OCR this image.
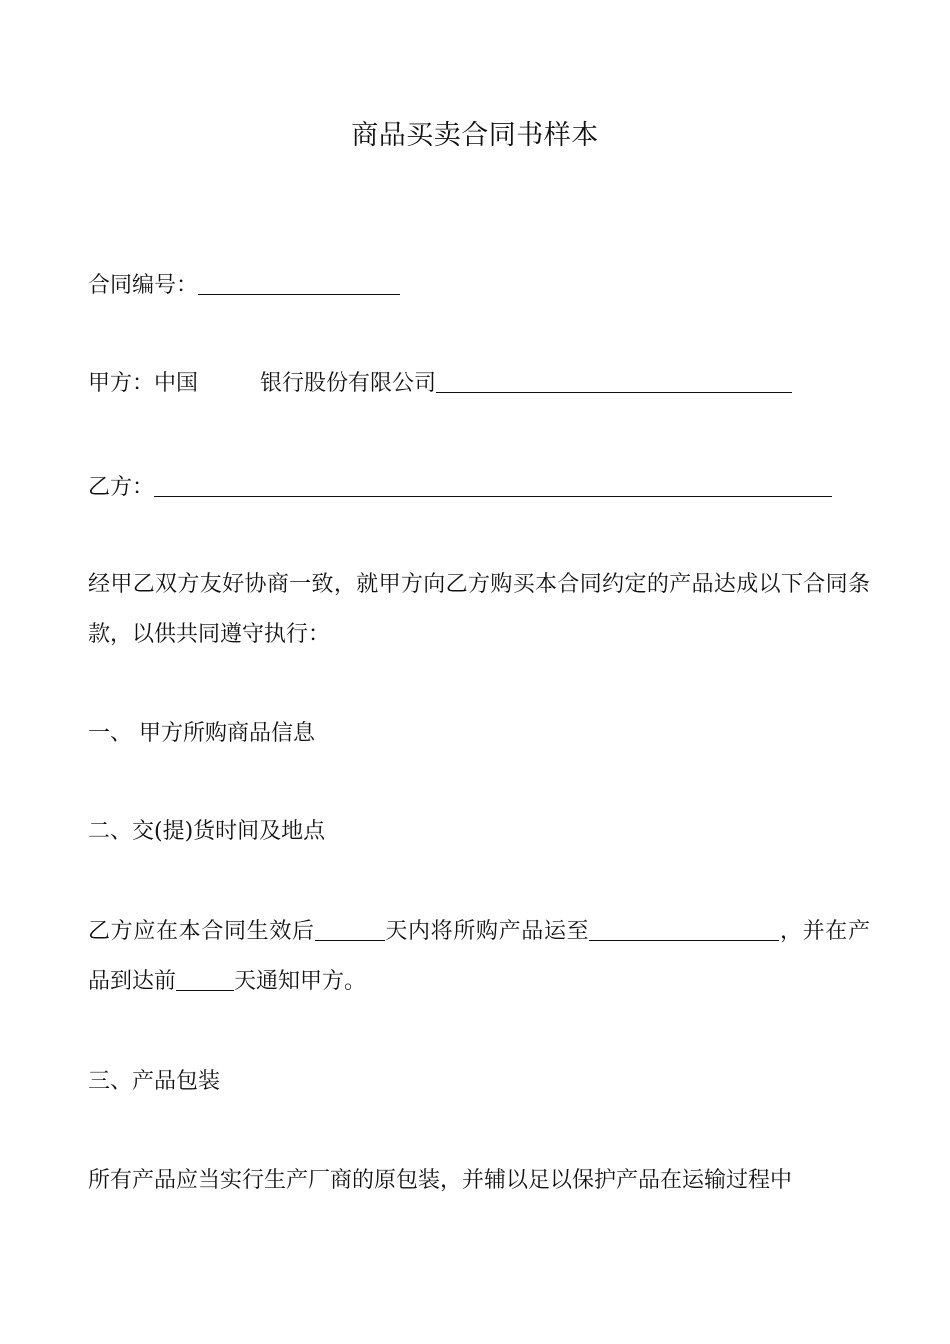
商品买卖合同书样本
合同编号：
甲方：中国	银行股份有限公司
乙方：
经甲乙双方友好协商一致，就甲方向乙方购买本合同约定的产品达成以下合同条款，以供共同遵守执行：
一、 甲方所购商品信息
二、交(提)货时间及地点
乙方应在本合同生效后	天内将所购产品运至	，并在产品到达前	天通知甲方。
三、产品包装
所有产品应当实行生产厂商的原包装，并辅以足以保护产品在运输过程中
